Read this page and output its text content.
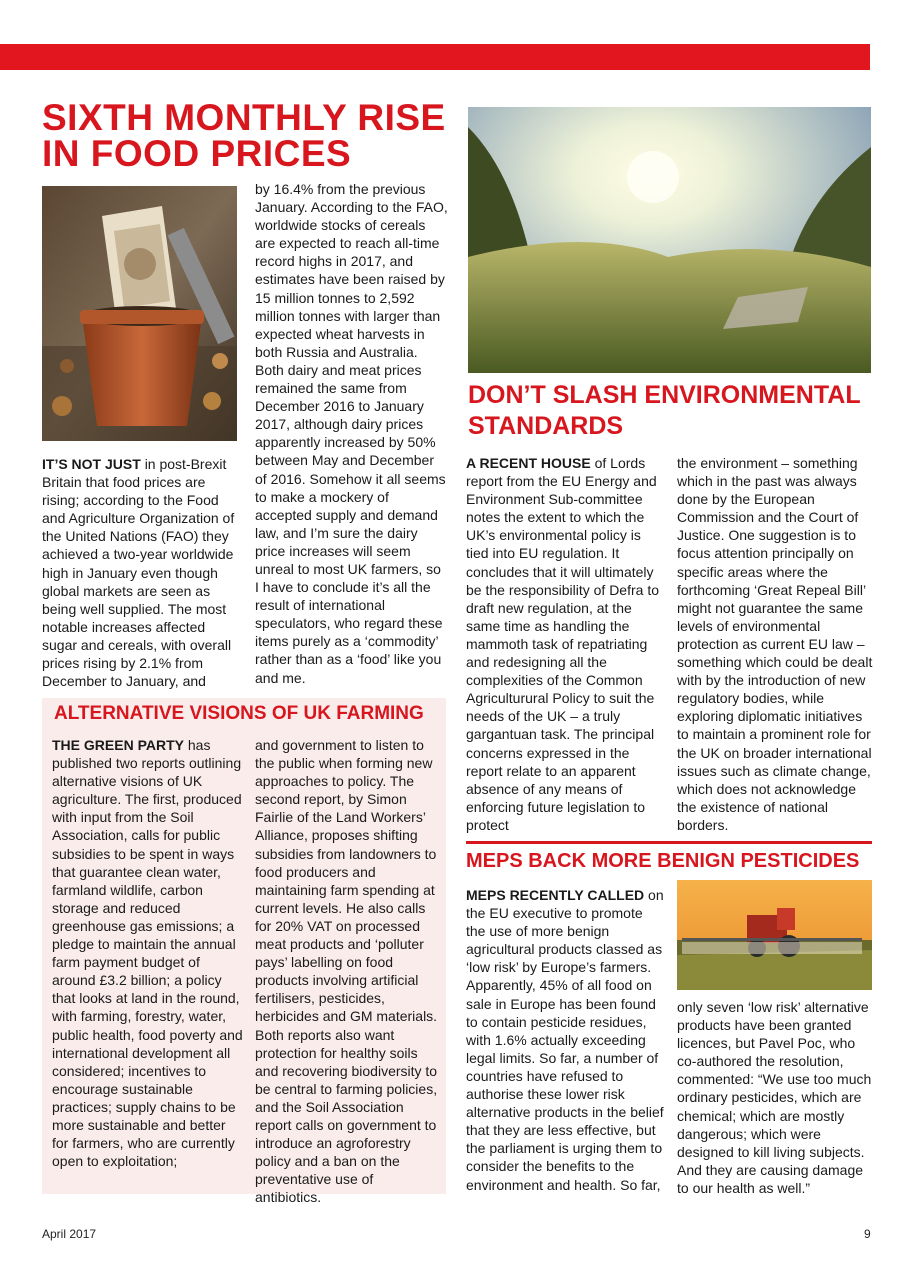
SIXTH MONTHLY RISE IN FOOD PRICES

IT’S NOT JUST in post-Brexit Britain that food prices are rising; according to the Food and Agriculture Organization of the United Nations (FAO) they achieved a two-year worldwide high in January even though global markets are seen as being well supplied. The most notable increases affected sugar and cereals, with overall prices rising by 2.1% from December to January, and

by 16.4% from the previous January. According to the FAO, worldwide stocks of cereals are expected to reach all-time record highs in 2017, and estimates have been raised by 15 million tonnes to 2,592 million tonnes with larger than expected wheat harvests in both Russia and Australia. Both dairy and meat prices remained the same from December 2016 to January 2017, although dairy prices apparently increased by 50% between May and December of 2016. Somehow it all seems to make a mockery of accepted supply and demand law, and I’m sure the dairy price increases will seem unreal to most UK farmers, so I have to conclude it’s all the result of international speculators, who regard these items purely as a ‘commodity’ rather than as a ‘food’ like you and me.

ALTERNATIVE VISIONS OF UK FARMING

THE GREEN PARTY has published two reports outlining alternative visions of UK agriculture. The first, produced with input from the Soil Association, calls for public subsidies to be spent in ways that guarantee clean water, farmland wildlife, carbon storage and reduced greenhouse gas emissions; a pledge to maintain the annual farm payment budget of around £3.2 billion; a policy that looks at land in the round, with farming, forestry, water, public health, food poverty and international development all considered; incentives to encourage sustainable practices; supply chains to be more sustainable and better for farmers, who are currently open to exploitation;

and government to listen to the public when forming new approaches to policy. The second report, by Simon Fairlie of the Land Workers’ Alliance, proposes shifting subsidies from landowners to food producers and maintaining farm spending at current levels. He also calls for 20% VAT on processed meat products and ‘polluter pays’ labelling on food products involving artificial fertilisers, pesticides, herbicides and GM materials. Both reports also want protection for healthy soils and recovering biodiversity to be central to farming policies, and the Soil Association report calls on government to introduce an agroforestry policy and a ban on the preventative use of antibiotics.

DON’T SLASH ENVIRONMENTAL STANDARDS

A RECENT HOUSE of Lords report from the EU Energy and Environment Sub-committee notes the extent to which the UK’s environmental policy is tied into EU regulation. It concludes that it will ultimately be the responsibility of Defra to draft new regulation, at the same time as handling the mammoth task of repatriating and redesigning all the complexities of the Common Agriculturural Policy to suit the needs of the UK – a truly gargantuan task. The principal concerns expressed in the report relate to an apparent absence of any means of enforcing future legislation to protect

the environment – something which in the past was always done by the European Commission and the Court of Justice. One suggestion is to focus attention principally on specific areas where the forthcoming ‘Great Repeal Bill’ might not guarantee the same levels of environmental protection as current EU law – something which could be dealt with by the introduction of new regulatory bodies, while exploring diplomatic initiatives to maintain a prominent role for the UK on broader international issues such as climate change, which does not acknowledge the existence of national borders.

MEPS BACK MORE BENIGN PESTICIDES

MEPS RECENTLY CALLED on the EU executive to promote the use of more benign agricultural products classed as ‘low risk’ by Europe’s farmers. Apparently, 45% of all food on sale in Europe has been found to contain pesticide residues, with 1.6% actually exceeding legal limits. So far, a number of countries have refused to authorise these lower risk alternative products in the belief that they are less effective, but the parliament is urging them to consider the benefits to the environment and health. So far,

only seven ‘low risk’ alternative products have been granted licences, but Pavel Poc, who co-authored the resolution, commented: “We use too much ordinary pesticides, which are chemical; which are mostly dangerous; which were designed to kill living subjects. And they are causing damage to our health as well.”

April 2017	9
